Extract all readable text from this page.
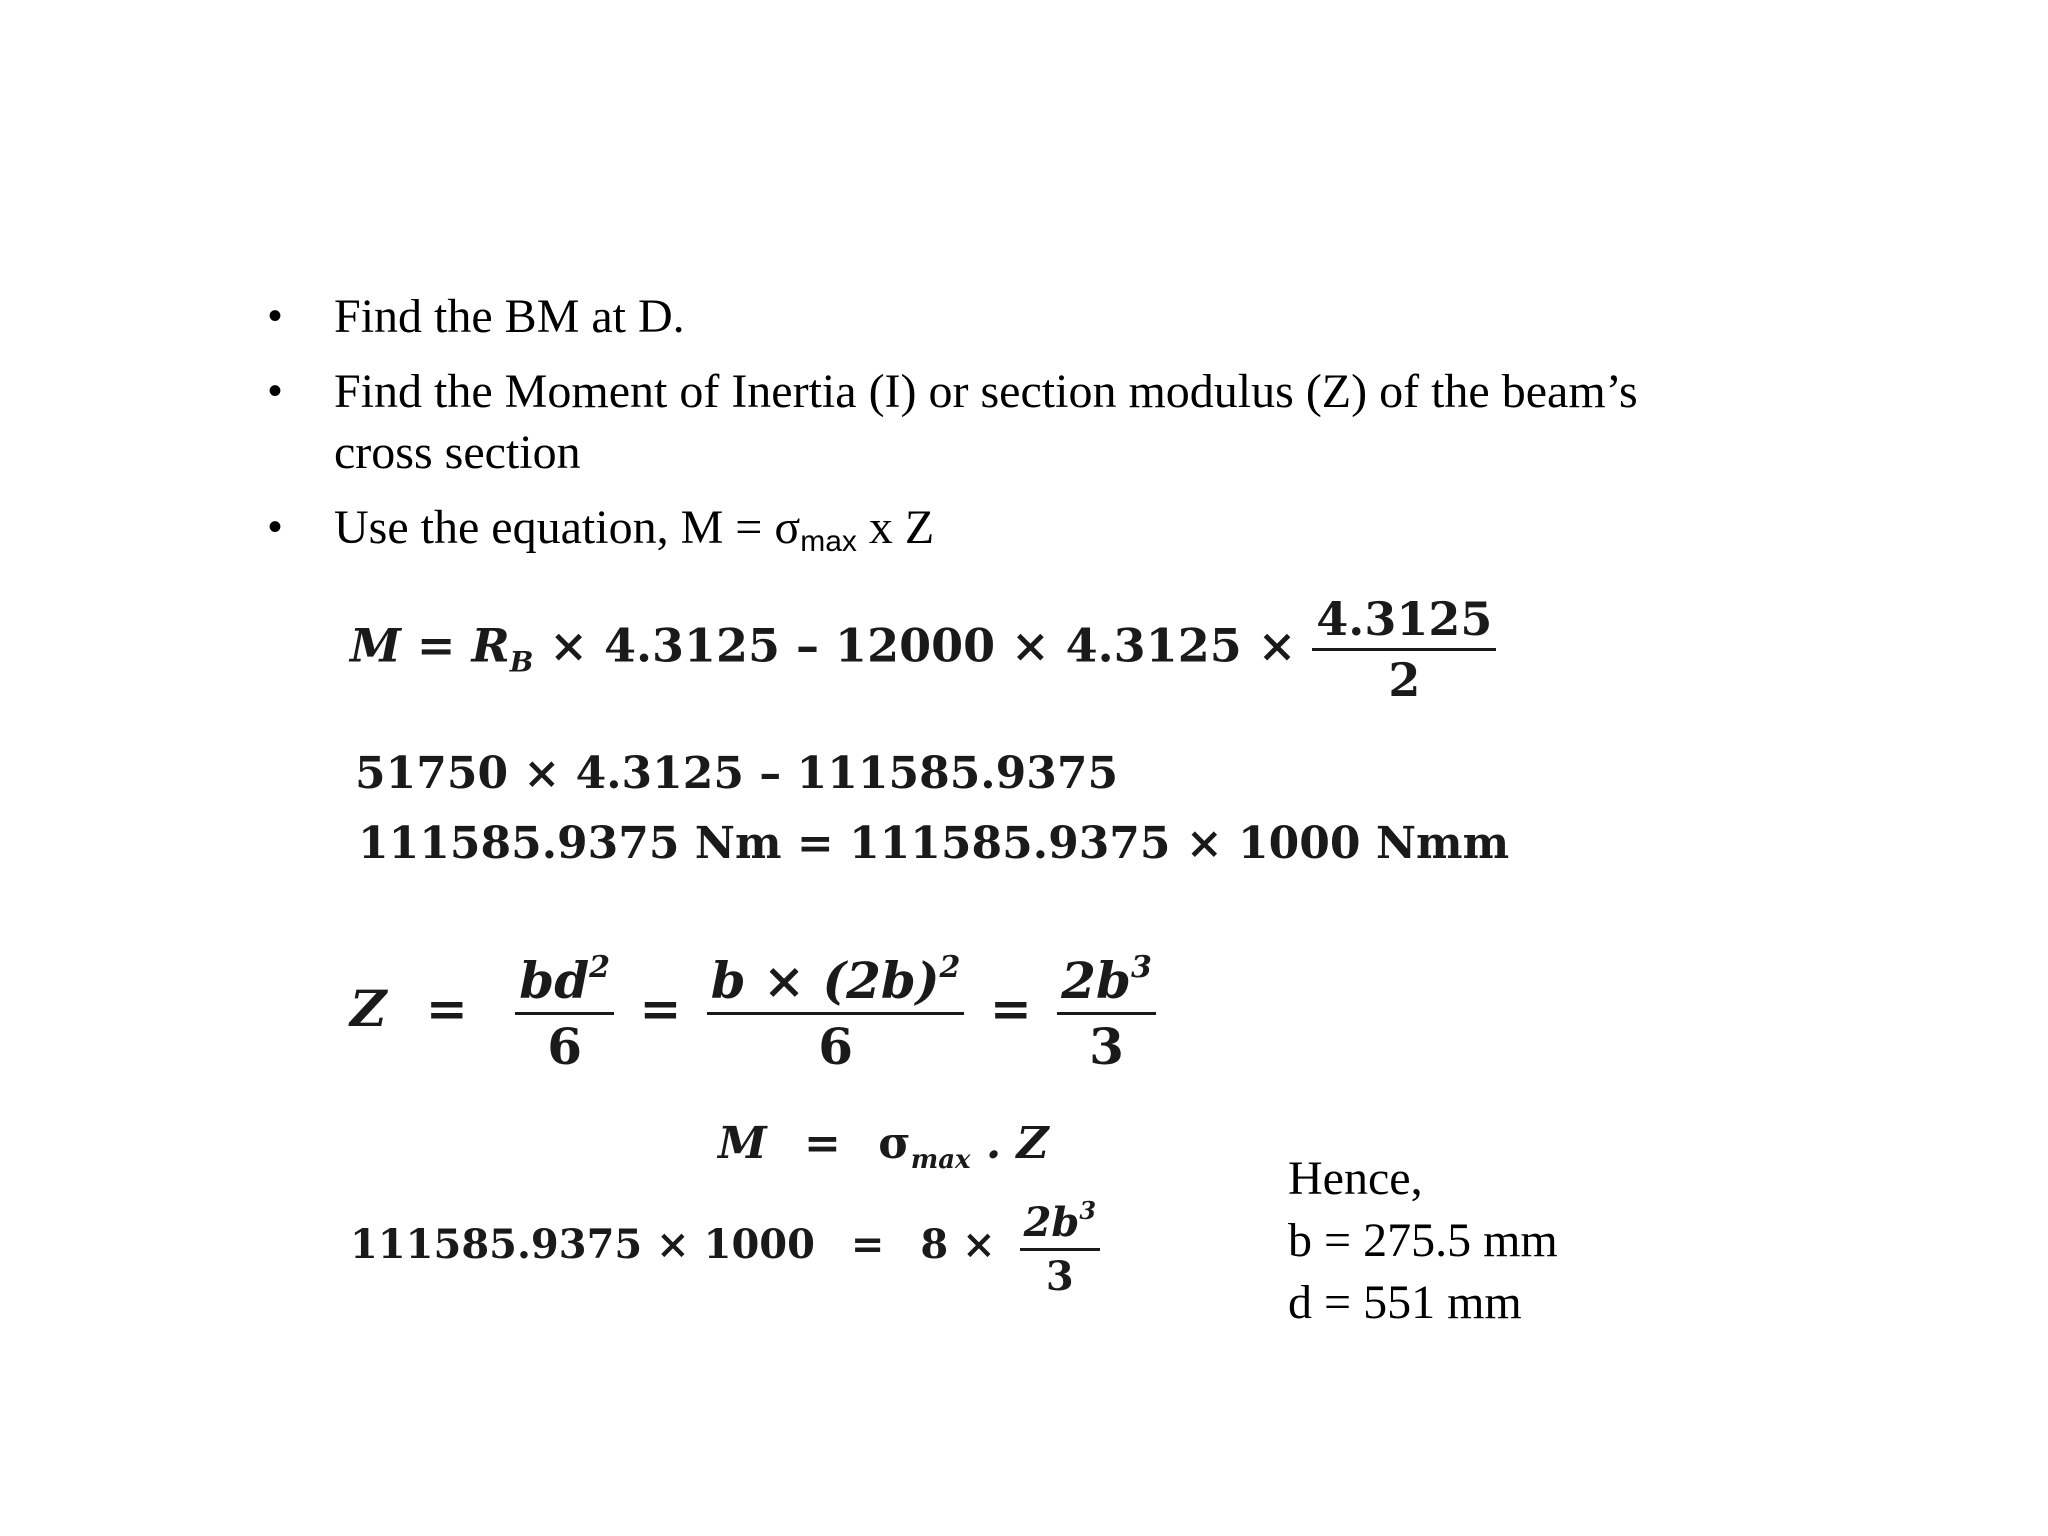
• Find the BM at D.
• Find the Moment of Inertia (I) or section modulus (Z) of the beam’s cross section
• Use the equation, $M = \sigma_{max}$ x Z
$M = R_B \times 4.3125 - 12000 \times 4.3125 \times \frac{4.3125}{2}$
51750 × 4.3125 – 111585.9375
111585.9375 Nm = 111585.9375 × 1000 Nmm
$Z = \frac{bd^2}{6} = \frac{b \times (2b)^2}{6} = \frac{2b^3}{3}$
$M = \sigma_{max}$ . Z
$111585.9375 \times 1000 = 8 \times \frac{2b^3}{3}$
Hence,
b = 275.5 mm
d = 551 mm
